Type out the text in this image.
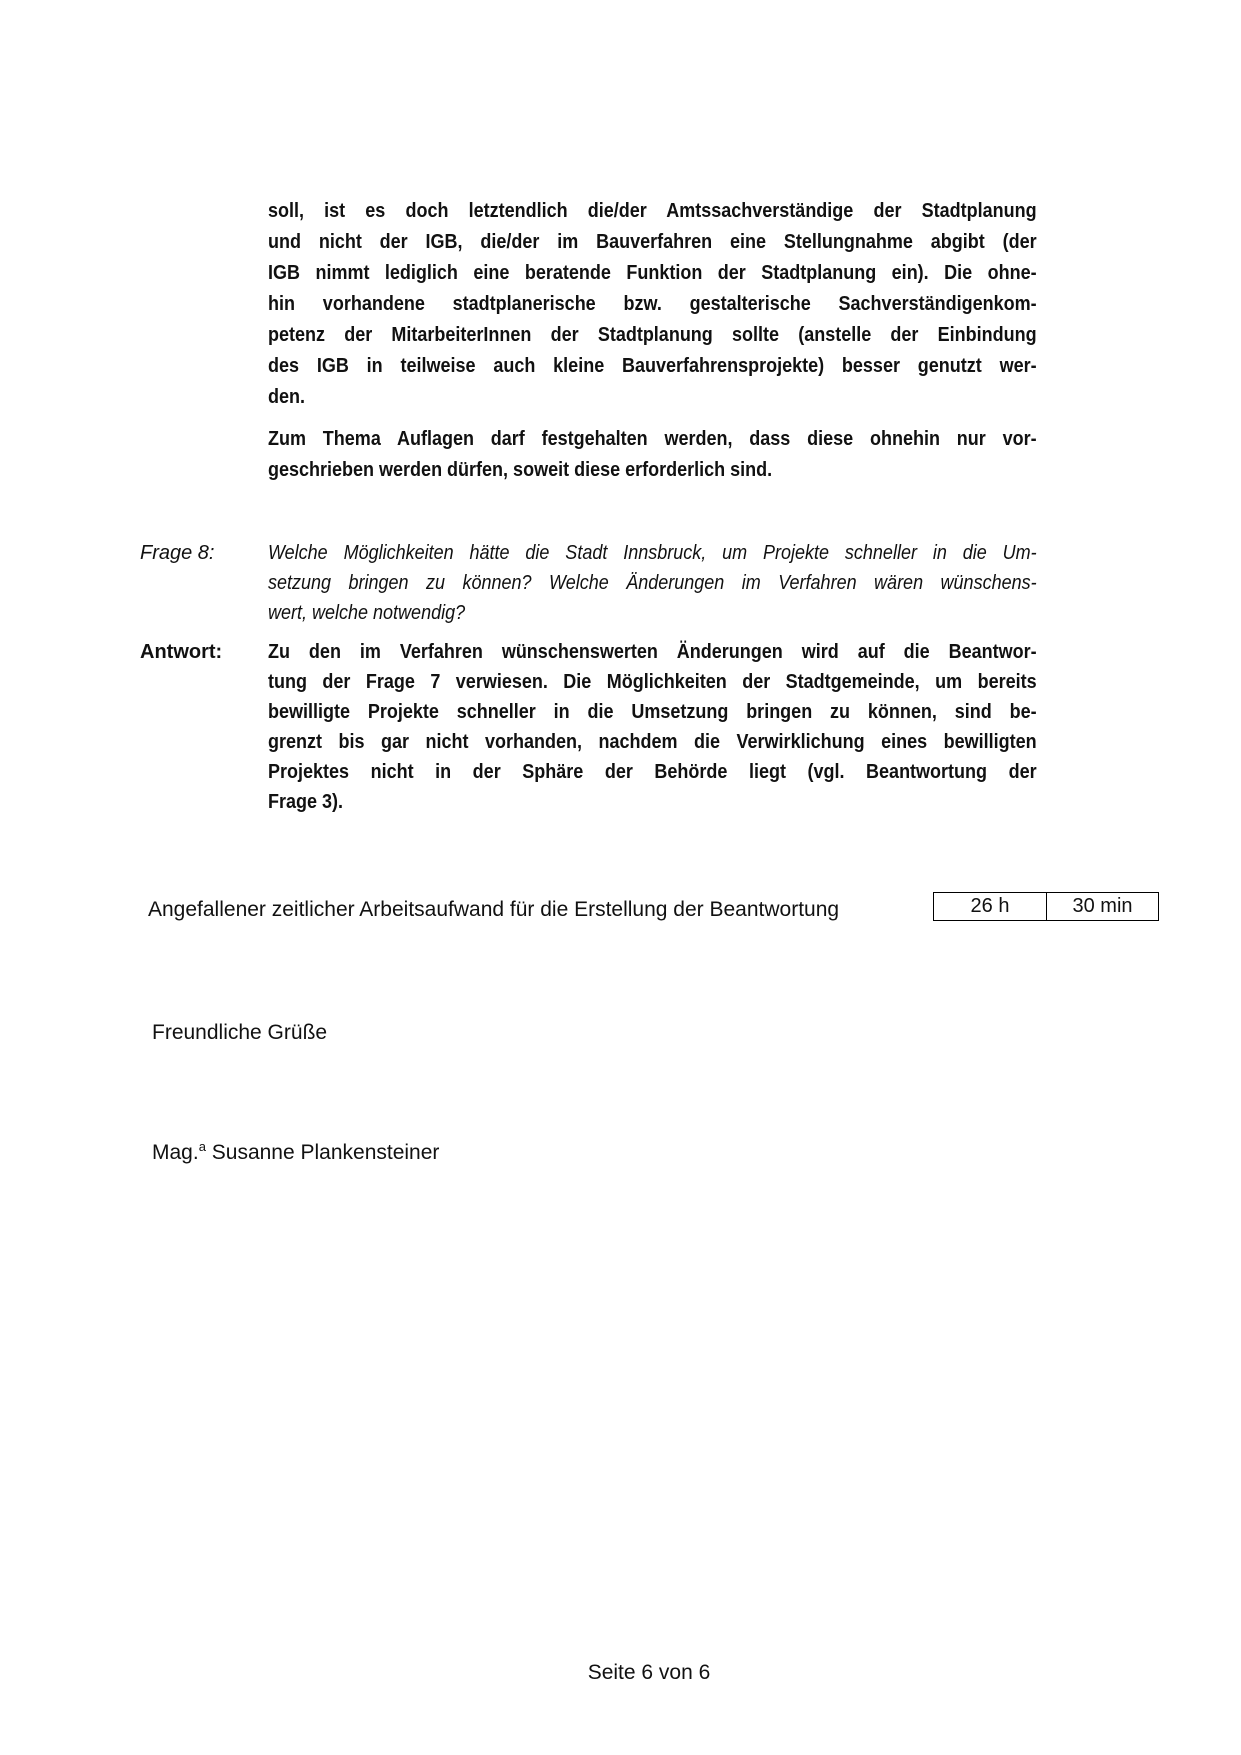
soll, ist es doch letztendlich die/der Amtssachverständige der Stadtplanung
und nicht der IGB, die/der im Bauverfahren eine Stellungnahme abgibt (der
IGB nimmt lediglich eine beratende Funktion der Stadtplanung ein). Die ohne-
hin vorhandene stadtplanerische bzw. gestalterische Sachverständigenkom-
petenz der MitarbeiterInnen der Stadtplanung sollte (anstelle der Einbindung
des IGB in teilweise auch kleine Bauverfahrensprojekte) besser genutzt wer-
den.
Zum Thema Auflagen darf festgehalten werden, dass diese ohnehin nur vor-
geschrieben werden dürfen, soweit diese erforderlich sind.
Frage 8:	Welche Möglichkeiten hätte die Stadt Innsbruck, um Projekte schneller in die Um-
setzung bringen zu können? Welche Änderungen im Verfahren wären wünschens-
wert, welche notwendig?
Antwort: Zu den im Verfahren wünschenswerten Änderungen wird auf die Beantwor-
tung der Frage 7 verwiesen. Die Möglichkeiten der Stadtgemeinde, um bereits
bewilligte Projekte schneller in die Umsetzung bringen zu können, sind be-
grenzt bis gar nicht vorhanden, nachdem die Verwirklichung eines bewilligten
Projektes nicht in der Sphäre der Behörde liegt (vgl. Beantwortung der
Frage 3).
Angefallener zeitlicher Arbeitsaufwand für die Erstellung der Beantwortung	26 h	30 min
Freundliche Grüße
Mag.$^a$ Susanne Plankensteiner
Seite 6 von 6
